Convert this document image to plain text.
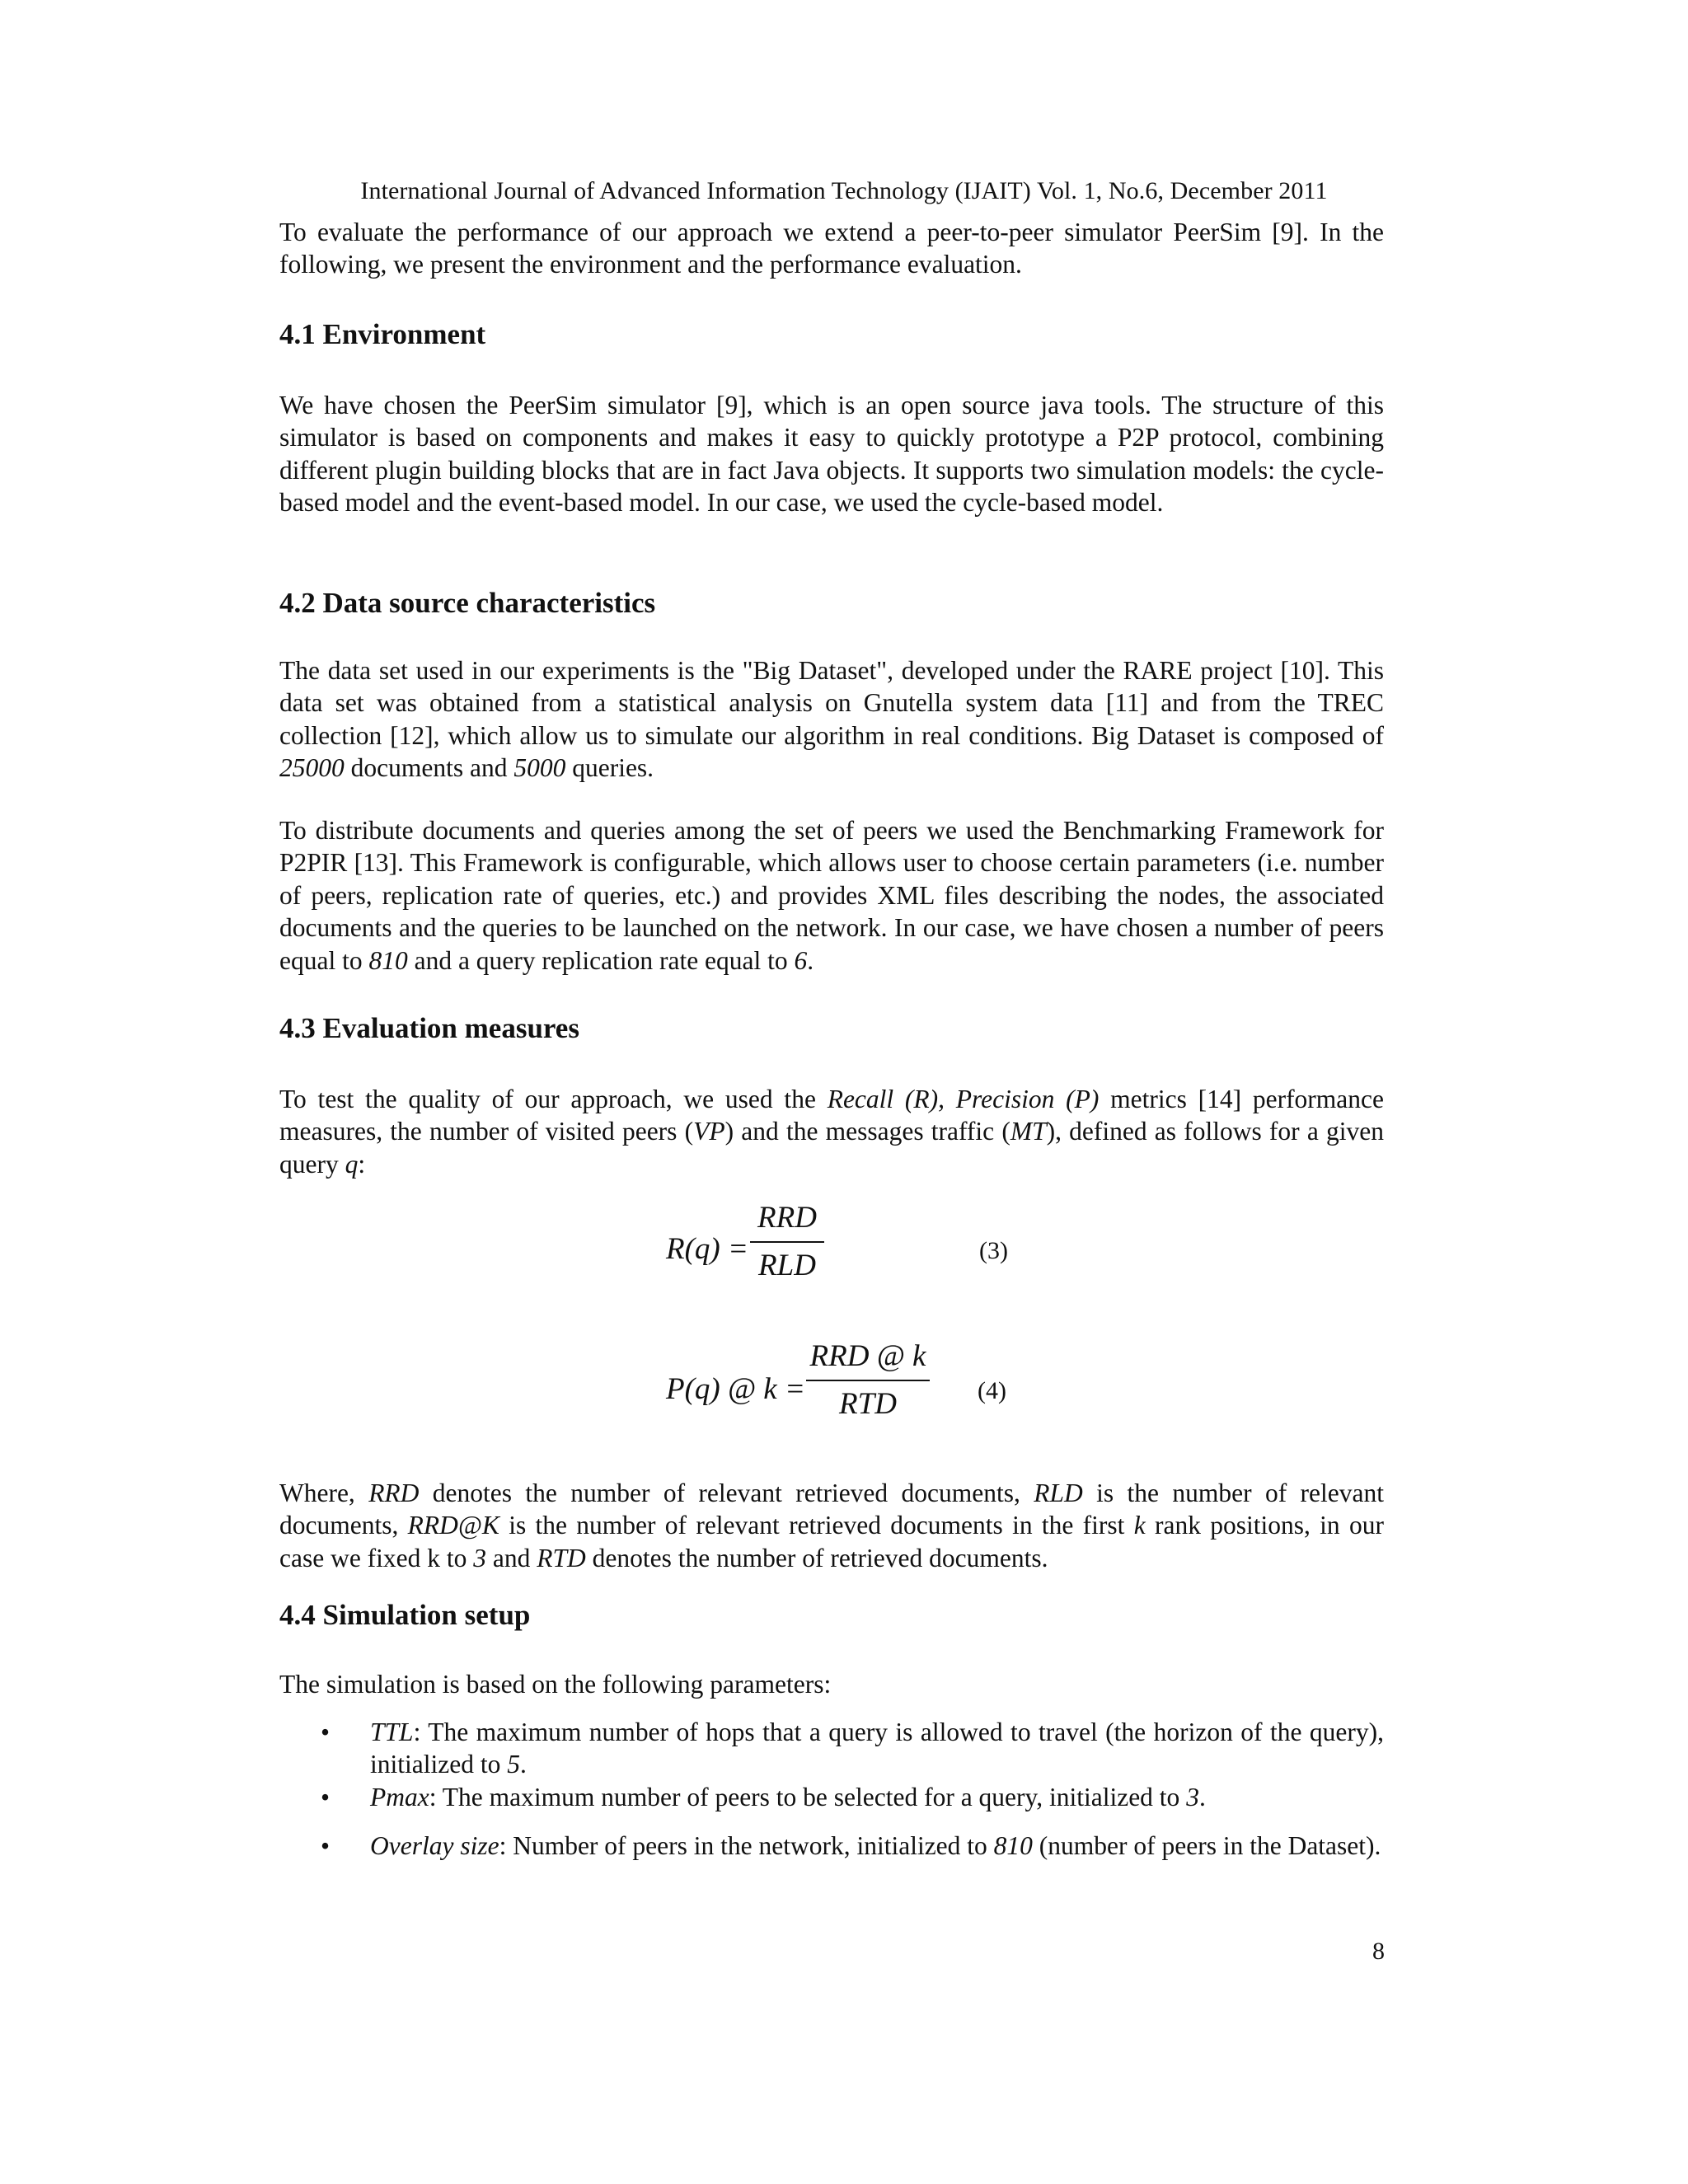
International Journal of Advanced Information Technology (IJAIT) Vol. 1, No.6, December 2011

To evaluate the performance of our approach we extend a peer-to-peer simulator PeerSim [9]. In the following, we present the environment and the performance evaluation.

4.1 Environment

We have chosen the PeerSim simulator [9], which is an open source java tools. The structure of this simulator is based on components and makes it easy to quickly prototype a P2P protocol, combining different plugin building blocks that are in fact Java objects. It supports two simulation models: the cycle-based model and the event-based model. In our case, we used the cycle-based model.

4.2 Data source characteristics

The data set used in our experiments is the "Big Dataset", developed under the RARE project [10]. This data set was obtained from a statistical analysis on Gnutella system data [11] and from the TREC collection [12], which allow us to simulate our algorithm in real conditions. Big Dataset is composed of 25000 documents and 5000 queries.

To distribute documents and queries among the set of peers we used the Benchmarking Framework for P2PIR [13]. This Framework is configurable, which allows user to choose certain parameters (i.e. number of peers, replication rate of queries, etc.) and provides XML files describing the nodes, the associated documents and the queries to be launched on the network. In our case, we have chosen a number of peers equal to 810 and a query replication rate equal to 6.

4.3 Evaluation measures

To test the quality of our approach, we used the Recall (R), Precision (P) metrics [14] performance measures, the number of visited peers (VP) and the messages traffic (MT), defined as follows for a given query q:

R(q) =
RRD
RLD	(3)
P(q) @ k =
RRD @ k
RTD	(4)

Where, RRD denotes the number of relevant retrieved documents, RLD is the number of relevant documents, RRD@K is the number of relevant retrieved documents in the first k rank positions, in our case we fixed k to 3 and RTD denotes the number of retrieved documents.

4.4 Simulation setup

The simulation is based on the following parameters:

• TTL: The maximum number of hops that a query is allowed to travel (the horizon of the query), initialized to 5.
• Pmax: The maximum number of peers to be selected for a query, initialized to 3.
• Overlay size: Number of peers in the network, initialized to 810 (number of peers in the Dataset).
8
